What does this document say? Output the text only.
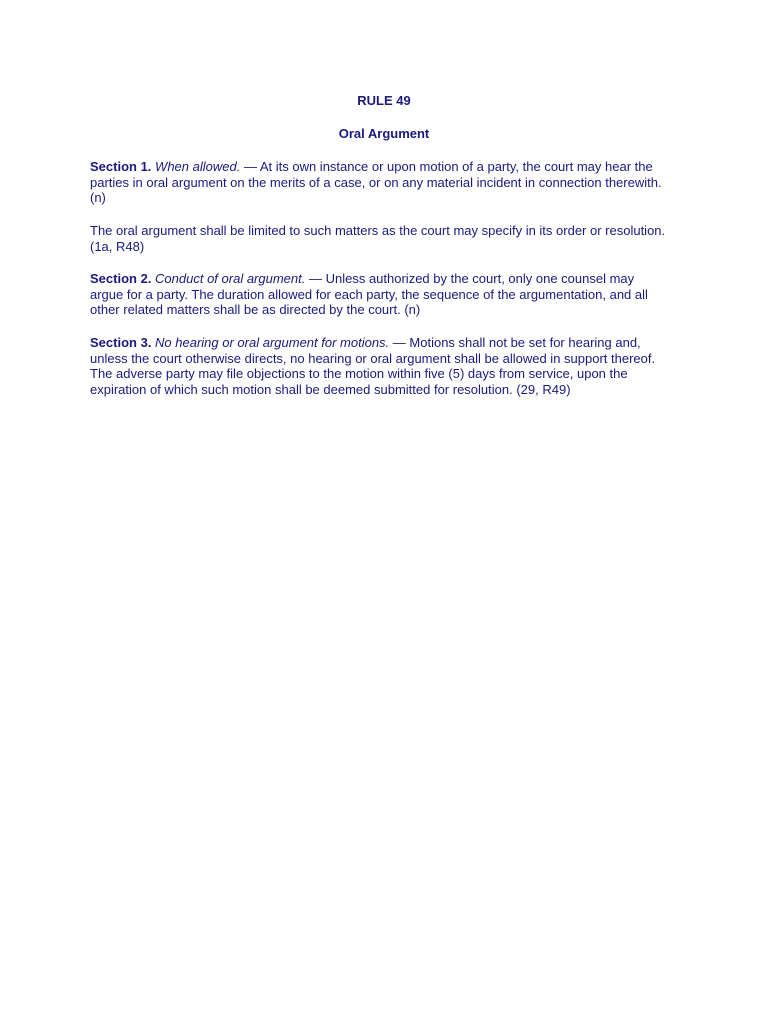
RULE 49
Oral Argument

Section 1. When allowed. — At its own instance or upon motion of a party, the court may hear the
parties in oral argument on the merits of a case, or on any material incident in connection therewith.
(n)

The oral argument shall be limited to such matters as the court may specify in its order or resolution.
(1a, R48)

Section 2. Conduct of oral argument. — Unless authorized by the court, only one counsel may
argue for a party. The duration allowed for each party, the sequence of the argumentation, and all
other related matters shall be as directed by the court. (n)

Section 3. No hearing or oral argument for motions. — Motions shall not be set for hearing and,
unless the court otherwise directs, no hearing or oral argument shall be allowed in support thereof.
The adverse party may file objections to the motion within five (5) days from service, upon the
expiration of which such motion shall be deemed submitted for resolution. (29, R49)
